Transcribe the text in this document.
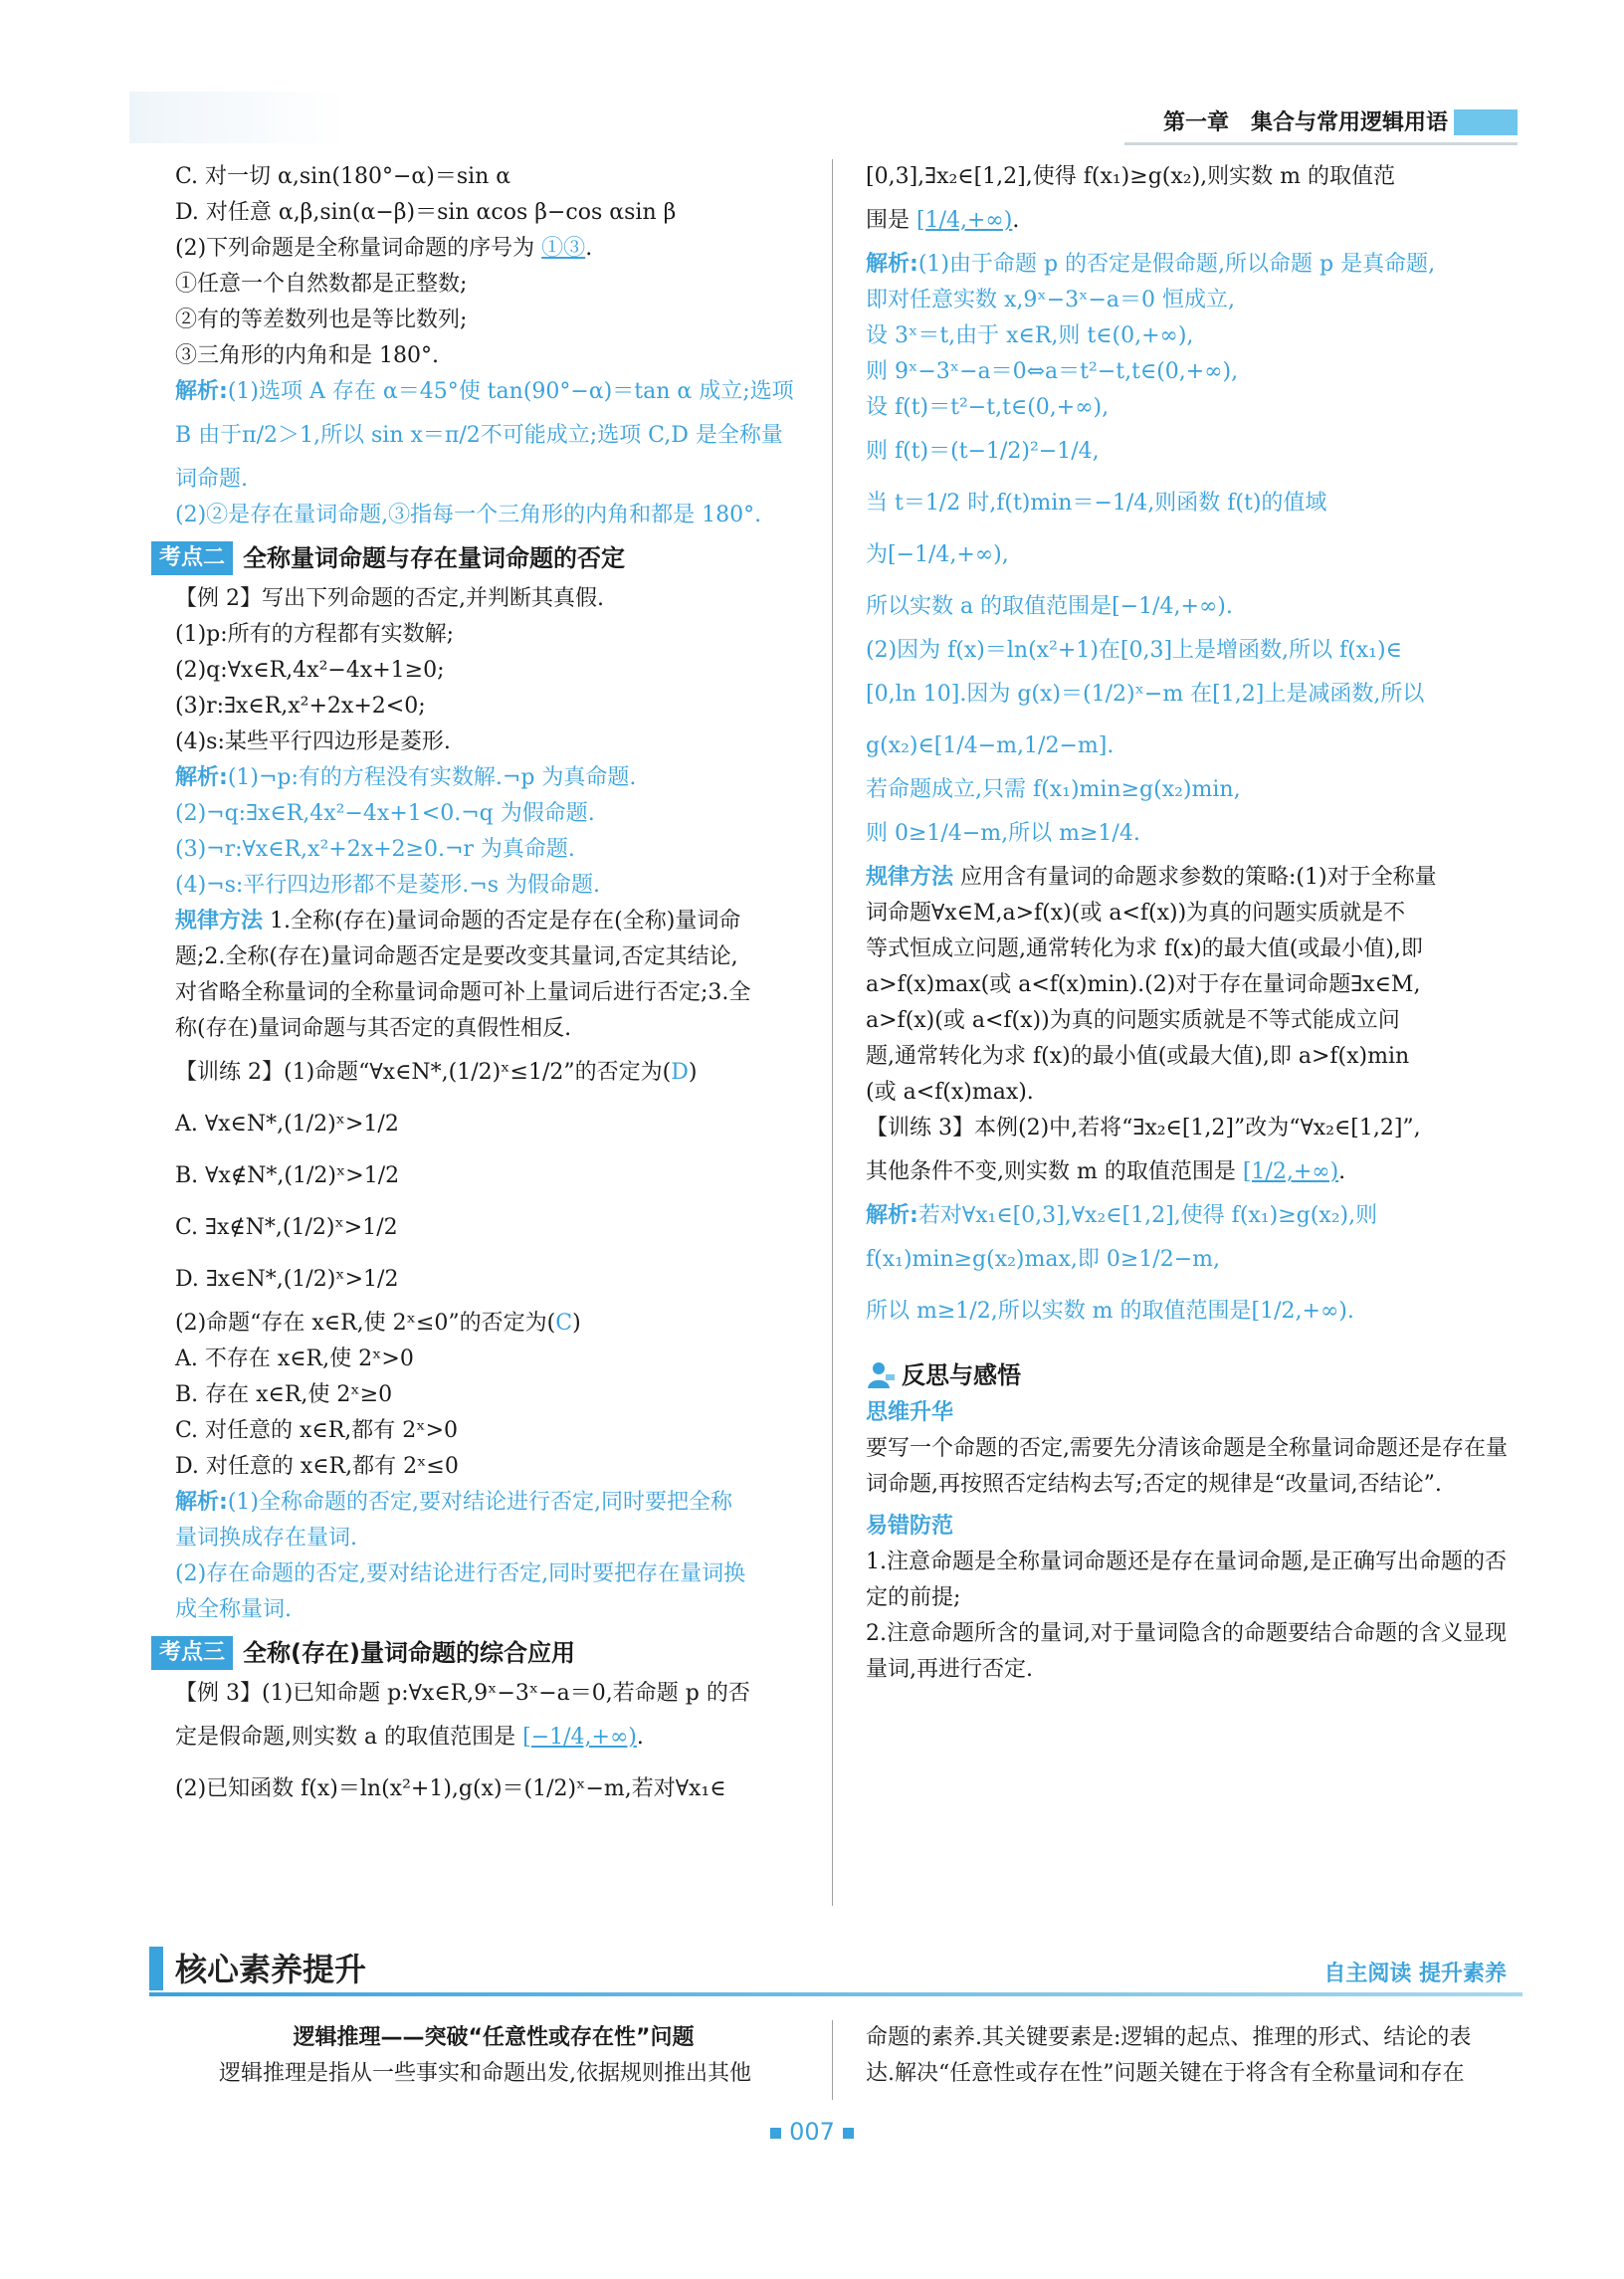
第一章　集合与常用逻辑用语
C. 对一切 α,sin(180°−α)＝sin α
D. 对任意 α,β,sin(α−β)＝sin αcos β−cos αsin β
(2)下列命题是全称量词命题的序号为 ①③.
①任意一个自然数都是正整数;
②有的等差数列也是等比数列;
③三角形的内角和是 180°.
解析:(1)选项 A 存在 α＝45°使 tan(90°−α)＝tan α 成立;选项
B 由于π/2＞1,所以 sin x＝π/2不可能成立;选项 C,D 是全称量
词命题.
(2)②是存在量词命题,③指每一个三角形的内角和都是 180°.
考点二 全称量词命题与存在量词命题的否定
【例 2】写出下列命题的否定,并判断其真假.
(1)p:所有的方程都有实数解;
(2)q:∀x∈R,4x²−4x+1≥0;
(3)r:∃x∈R,x²+2x+2<0;
(4)s:某些平行四边形是菱形.
解析:(1)¬p:有的方程没有实数解.¬p 为真命题.
(2)¬q:∃x∈R,4x²−4x+1<0.¬q 为假命题.
(3)¬r:∀x∈R,x²+2x+2≥0.¬r 为真命题.
(4)¬s:平行四边形都不是菱形.¬s 为假命题.
规律方法 1.全称(存在)量词命题的否定是存在(全称)量词命
题;2.全称(存在)量词命题否定是要改变其量词,否定其结论,
对省略全称量词的全称量词命题可补上量词后进行否定;3.全
称(存在)量词命题与其否定的真假性相反.
【训练 2】(1)命题“∀x∈N*,(1/2)ˣ≤1/2”的否定为(D)
A. ∀x∈N*,(1/2)ˣ>1/2
B. ∀x∉N*,(1/2)ˣ>1/2
C. ∃x∉N*,(1/2)ˣ>1/2
D. ∃x∈N*,(1/2)ˣ>1/2
(2)命题“存在 x∈R,使 2ˣ≤0”的否定为(C)
A. 不存在 x∈R,使 2ˣ>0
B. 存在 x∈R,使 2ˣ≥0
C. 对任意的 x∈R,都有 2ˣ>0
D. 对任意的 x∈R,都有 2ˣ≤0
解析:(1)全称命题的否定,要对结论进行否定,同时要把全称
量词换成存在量词.
(2)存在命题的否定,要对结论进行否定,同时要把存在量词换
成全称量词.
考点三 全称(存在)量词命题的综合应用
【例 3】(1)已知命题 p:∀x∈R,9ˣ−3ˣ−a＝0,若命题 p 的否
定是假命题,则实数 a 的取值范围是 [−1/4,+∞).
(2)已知函数 f(x)＝ln(x²+1),g(x)＝(1/2)ˣ−m,若对∀x₁∈
[0,3],∃x₂∈[1,2],使得 f(x₁)≥g(x₂),则实数 m 的取值范
围是 [1/4,+∞).
解析:(1)由于命题 p 的否定是假命题,所以命题 p 是真命题,
即对任意实数 x,9ˣ−3ˣ−a＝0 恒成立,
设 3ˣ＝t,由于 x∈R,则 t∈(0,+∞),
则 9ˣ−3ˣ−a＝0⇔a＝t²−t,t∈(0,+∞),
设 f(t)＝t²−t,t∈(0,+∞),
则 f(t)＝(t−1/2)²−1/4,
当 t＝1/2 时,f(t)min＝−1/4,则函数 f(t)的值域
为[−1/4,+∞),
所以实数 a 的取值范围是[−1/4,+∞).
(2)因为 f(x)＝ln(x²+1)在[0,3]上是增函数,所以 f(x₁)∈
[0,ln 10].因为 g(x)＝(1/2)ˣ−m 在[1,2]上是减函数,所以
g(x₂)∈[1/4−m,1/2−m].
若命题成立,只需 f(x₁)min≥g(x₂)min,
则 0≥1/4−m,所以 m≥1/4.
规律方法 应用含有量词的命题求参数的策略:(1)对于全称量
词命题∀x∈M,a>f(x)(或 a<f(x))为真的问题实质就是不
等式恒成立问题,通常转化为求 f(x)的最大值(或最小值),即
a>f(x)max(或 a<f(x)min).(2)对于存在量词命题∃x∈M,
a>f(x)(或 a<f(x))为真的问题实质就是不等式能成立问
题,通常转化为求 f(x)的最小值(或最大值),即 a>f(x)min
(或 a<f(x)max).
【训练 3】本例(2)中,若将“∃x₂∈[1,2]”改为“∀x₂∈[1,2]”,
其他条件不变,则实数 m 的取值范围是 [1/2,+∞).
解析:若对∀x₁∈[0,3],∀x₂∈[1,2],使得 f(x₁)≥g(x₂),则
f(x₁)min≥g(x₂)max,即 0≥1/2−m,
所以 m≥1/2,所以实数 m 的取值范围是[1/2,+∞).
反思与感悟
思维升华
要写一个命题的否定,需要先分清该命题是全称量词命题还是存在量词命题,再按照否定结构去写;否定的规律是“改量词,否结论”.
易错防范
1.注意命题是全称量词命题还是存在量词命题,是正确写出命题的否定的前提;
2.注意命题所含的量词,对于量词隐含的命题要结合命题的含义显现量词,再进行否定.
核心素养提升	自主阅读 提升素养
逻辑推理——突破“任意性或存在性”问题
逻辑推理是指从一些事实和命题出发,依据规则推出其他
命题的素养.其关键要素是:逻辑的起点、推理的形式、结论的表
达.解决“任意性或存在性”问题关键在于将含有全称量词和存在
007
